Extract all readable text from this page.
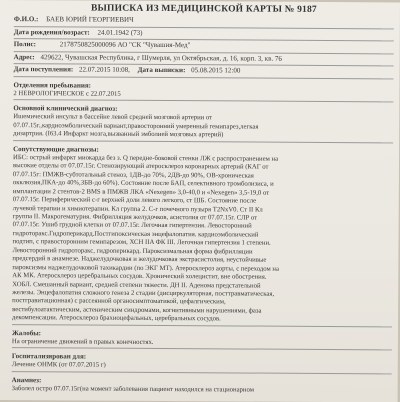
ВЫПИСКА ИЗ МЕДИЦИНСКОЙ КАРТЫ № 9187
Ф.И.О.: БАЕВ ЮРИЙ ГЕОРГИЕВИЧ
Дата рождения/возраст: 24.01.1942 (73)
Полис:	2178750825000096 АО "СК "Чувашия-Мед"
Адрес: 429622, Чувашская Республика, г Шумерля, ул Октябрьская, д. 16, корп. 3, кв. 76
Дата поступления: 22.07.2015 10:08, Дата выписки: 05.08.2015 12:00
Отделения пребывания:
2 НЕВРОЛОГИЧЕСКОЕ с 22.07.2015
Основной клинический диагноз:
Ишемический инсульт в бассейне левой средней мозговой артерии от
07.07.15г.,кардиоэмболический вариант,правосторонний умеренный гемипарез,легкая
дизартрия. (I63.4 Инфаркт мозга,вызванный эмболией мозговых артерий)
Сопутствующие диагнозы:
ИБС: острый инфаркт миокарда без з. Q передне-боковой стенки ЛЖ с распространением на
высокие отделы от 07.07.15г. Стенозирующий атеросклероз коронарных артерий (КАГ от
07.07.15г: ПМЖВ-субтотальный стеноз, 1ДВ-до 70%, 2ДВ-до 90%, ОВ-хроническая
окклюзия,ПКА-до 40%,ЗБВ-до 60%). Состояние после БАП, селективного тромболизиса, и
имплантации 2 стентов-2 BMS в ПМЖВ ЛКА «Nexegen» 3,0-40,0 и «Nexegen» 3,5-19,0 от
07.07.15г. Периферический с-г верхней доли левого легкого, ст ШБ. Состояние после
лучевой терапии и химиотерапии. Кл группа 2. С-г почечного пузыря T2NxV0. Ст II Кл
группа II. Макрогематурия. Фибрилляция желудочков, асистолия от 07.07.15г. СЛР от
07.07.15г. Ушиб грудной клетки от 07.07.15г. Легочная гипертензия. Левосторонний
гидроторакс.Гидроперикард.Постгипоксическая энцефалопатия. кардиоэмболический
подтип, с правосторонним гемипарезом, ХСН IIA ФК III. Легочная гипертензия 1 степени.
Левосторонний гидроторакс, гидроперикард. Пароксизмальная форма фибрилляции
предсердий в анамнезе. Наджелудочковая и желудочковая экстрасистолия, неустойчивые
пароксизмы наджелудочковой тахикардии (по ЭКГ МТ). Атеросклероз аорты, с переходом на
АК МК. Атеросклероз церебральных сосудов. Хронический холецистит, вне обострения.
ХОБЛ. Смешанный вариант, средней степени тяжести. ДН II. Аденома предстательной
железы. Энцефалопатия сложного генеза 2 стадии (дисциркуляторная, посттравматическая,
постгравитационная) с рассеянной органосимптоматикой, цефалгическим,
вестибулоатактическим, астеническим синдромами, когнитивными нарушениями, фаза
декомпенсации. Атеросклероз брахиоцефальных, церебральных сосудов.
Жалобы:
На ограничение движений в правых конечностях.
Госпитализирован для:
Лечение ОНМК (от 07.07.2015 г)
Анамнез:
Заболел остро 07.07.15г(на момент заболевания пациент находился на стационарном
